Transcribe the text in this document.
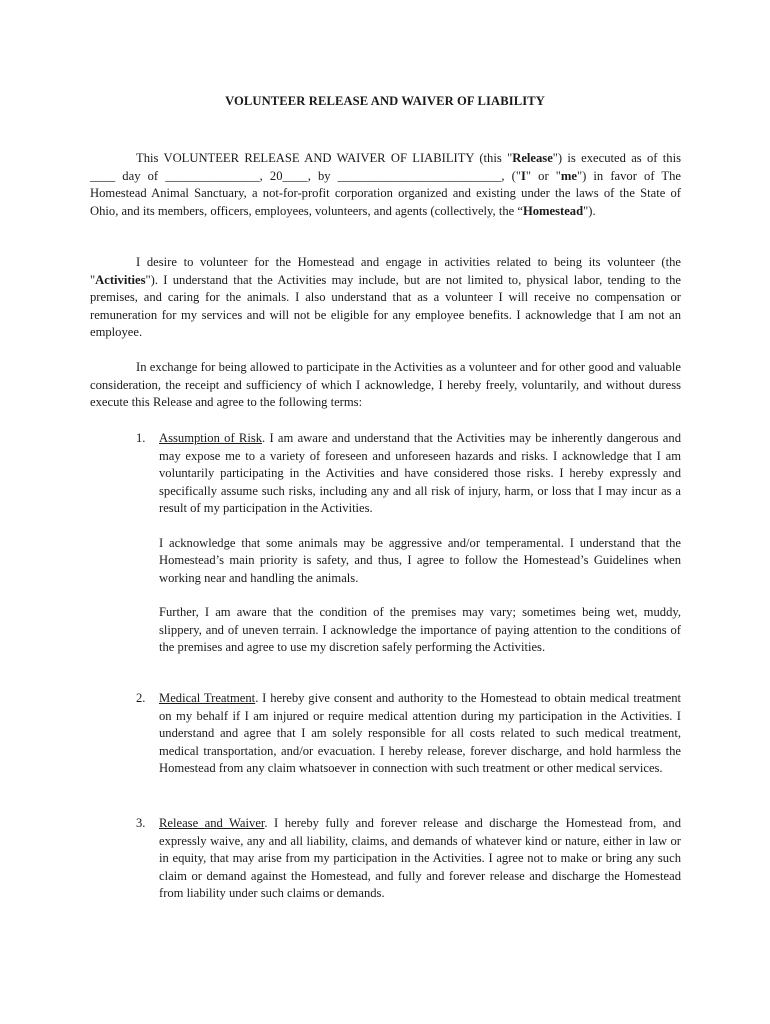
VOLUNTEER RELEASE AND WAIVER OF LIABILITY

This VOLUNTEER RELEASE AND WAIVER OF LIABILITY (this "Release") is executed as of this ____ day of _______________, 20____, by __________________________, ("I" or "me") in favor of The Homestead Animal Sanctuary, a not-for-profit corporation organized and existing under the laws of the State of Ohio, and its members, officers, employees, volunteers, and agents (collectively, the “Homestead").

I desire to volunteer for the Homestead and engage in activities related to being its volunteer (the "Activities"). I understand that the Activities may include, but are not limited to, physical labor, tending to the premises, and caring for the animals. I also understand that as a volunteer I will receive no compensation or remuneration for my services and will not be eligible for any employee benefits. I acknowledge that I am not an employee.

In exchange for being allowed to participate in the Activities as a volunteer and for other good and valuable consideration, the receipt and sufficiency of which I acknowledge, I hereby freely, voluntarily, and without duress execute this Release and agree to the following terms:

1. Assumption of Risk. I am aware and understand that the Activities may be inherently dangerous and may expose me to a variety of foreseen and unforeseen hazards and risks. I acknowledge that I am voluntarily participating in the Activities and have considered those risks. I hereby expressly and specifically assume such risks, including any and all risk of injury, harm, or loss that I may incur as a result of my participation in the Activities.

I acknowledge that some animals may be aggressive and/or temperamental. I understand that the Homestead’s main priority is safety, and thus, I agree to follow the Homestead’s Guidelines when working near and handling the animals.

Further, I am aware that the condition of the premises may vary; sometimes being wet, muddy, slippery, and of uneven terrain. I acknowledge the importance of paying attention to the conditions of the premises and agree to use my discretion safely performing the Activities.

2. Medical Treatment. I hereby give consent and authority to the Homestead to obtain medical treatment on my behalf if I am injured or require medical attention during my participation in the Activities. I understand and agree that I am solely responsible for all costs related to such medical treatment, medical transportation, and/or evacuation. I hereby release, forever discharge, and hold harmless the Homestead from any claim whatsoever in connection with such treatment or other medical services.

3. Release and Waiver. I hereby fully and forever release and discharge the Homestead from, and expressly waive, any and all liability, claims, and demands of whatever kind or nature, either in law or in equity, that may arise from my participation in the Activities. I agree not to make or bring any such claim or demand against the Homestead, and fully and forever release and discharge the Homestead from liability under such claims or demands.
